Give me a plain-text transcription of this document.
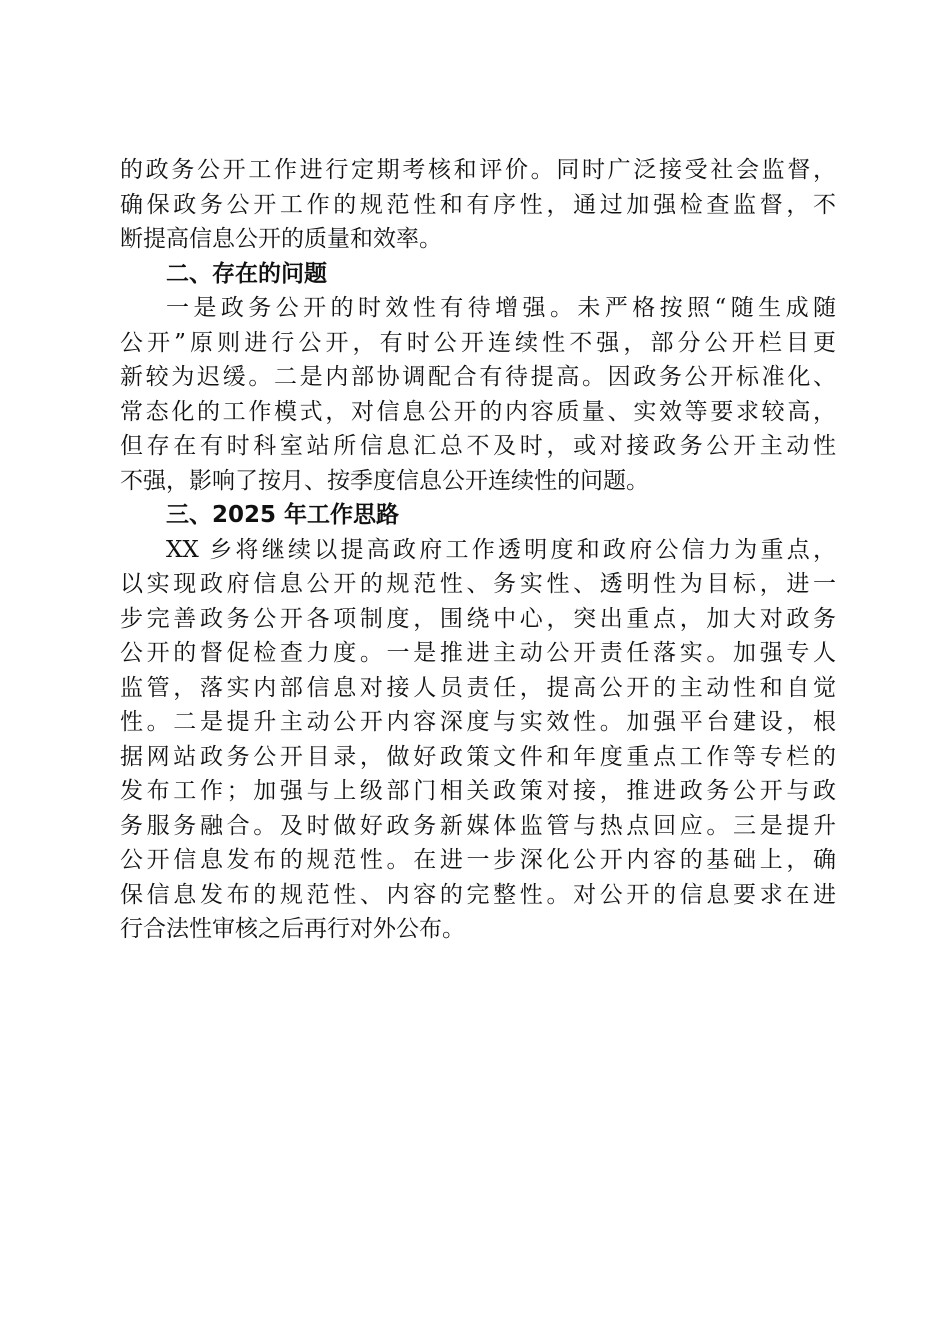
的政务公开工作进行定期考核和评价。同时广泛接受社会监督，
确保政务公开工作的规范性和有序性，通过加强检查监督，不
断提高信息公开的质量和效率。
二、存在的问题
一是政务公开的时效性有待增强。未严格按照“随生成随
公开”原则进行公开，有时公开连续性不强，部分公开栏目更
新较为迟缓。二是内部协调配合有待提高。因政务公开标准化、
常态化的工作模式，对信息公开的内容质量、实效等要求较高，
但存在有时科室站所信息汇总不及时，或对接政务公开主动性
不强，影响了按月、按季度信息公开连续性的问题。
三、2025 年工作思路
XX 乡将继续以提高政府工作透明度和政府公信力为重点，
以实现政府信息公开的规范性、务实性、透明性为目标，进一
步完善政务公开各项制度，围绕中心，突出重点，加大对政务
公开的督促检查力度。一是推进主动公开责任落实。加强专人
监管，落实内部信息对接人员责任，提高公开的主动性和自觉
性。二是提升主动公开内容深度与实效性。加强平台建设，根
据网站政务公开目录，做好政策文件和年度重点工作等专栏的
发布工作；加强与上级部门相关政策对接，推进政务公开与政
务服务融合。及时做好政务新媒体监管与热点回应。三是提升
公开信息发布的规范性。在进一步深化公开内容的基础上，确
保信息发布的规范性、内容的完整性。对公开的信息要求在进
行合法性审核之后再行对外公布。
